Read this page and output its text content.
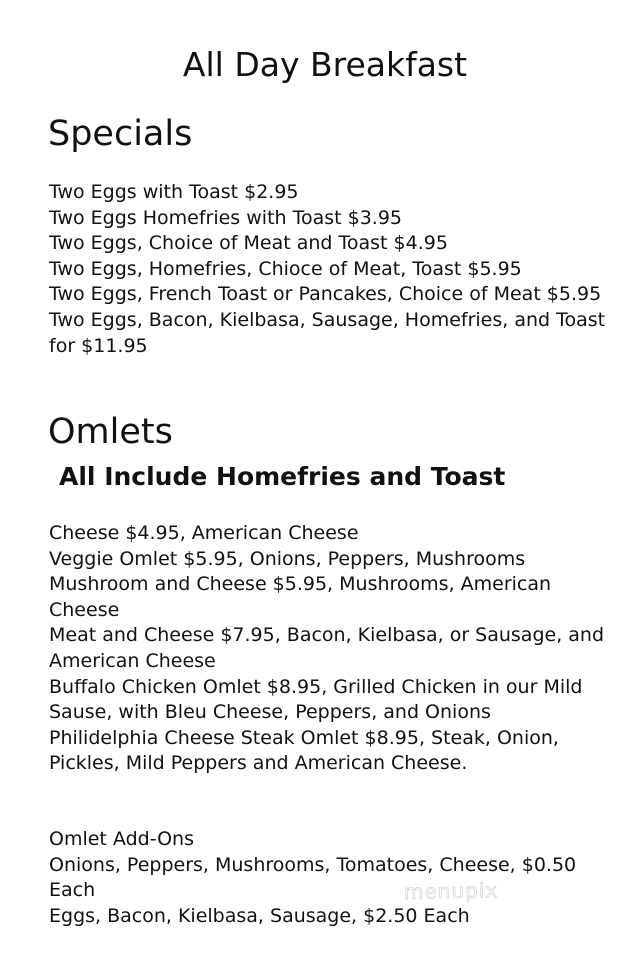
All Day Breakfast
Specials
Two Eggs with Toast $2.95
Two Eggs Homefries with Toast $3.95
Two Eggs, Choice of Meat and Toast $4.95
Two Eggs, Homefries, Chioce of Meat, Toast $5.95
Two Eggs, French Toast or Pancakes, Choice of Meat $5.95
Two Eggs, Bacon, Kielbasa, Sausage, Homefries, and Toast for $11.95
Omlets
All Include Homefries and Toast
Cheese $4.95, American Cheese
Veggie Omlet $5.95, Onions, Peppers, Mushrooms
Mushroom and Cheese $5.95, Mushrooms, American Cheese
Meat and Cheese $7.95, Bacon, Kielbasa, or Sausage, and American Cheese
Buffalo Chicken Omlet $8.95, Grilled Chicken in our Mild Sause, with Bleu Cheese, Peppers, and Onions
Philidelphia Cheese Steak Omlet $8.95, Steak, Onion, Pickles, Mild Peppers and American Cheese.
Omlet Add-Ons
Onions, Peppers, Mushrooms, Tomatoes, Cheese, $0.50 Each
Eggs, Bacon, Kielbasa, Sausage, $2.50 Each
menupix
